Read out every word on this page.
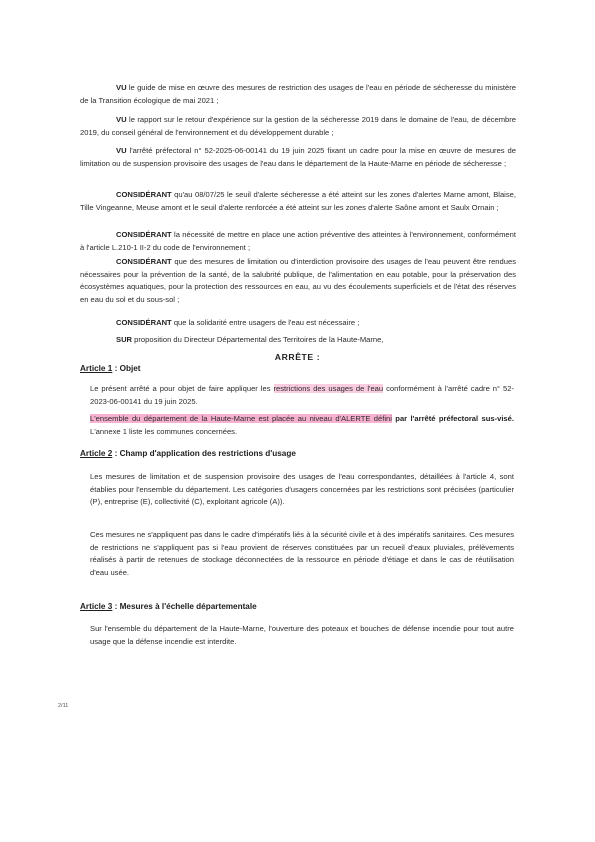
VU le guide de mise en œuvre des mesures de restriction des usages de l'eau en période de sécheresse du ministère de la Transition écologique de mai 2021 ;

VU le rapport sur le retour d'expérience sur la gestion de la sécheresse 2019 dans le domaine de l'eau, de décembre 2019, du conseil général de l'environnement et du développement durable ;

VU l'arrêté préfectoral n° 52-2025-06-00141 du 19 juin 2025 fixant un cadre pour la mise en œuvre de mesures de limitation ou de suspension provisoire des usages de l'eau dans le département de la Haute-Marne en période de sécheresse ;

CONSIDÉRANT qu'au 08/07/25 le seuil d'alerte sécheresse a été atteint sur les zones d'alertes Marne amont, Blaise, Tille Vingeanne, Meuse amont et le seuil d'alerte renforcée a été atteint sur les zones d'alerte Saône amont et Saulx Ornain ;

CONSIDÉRANT la nécessité de mettre en place une action préventive des atteintes à l'environnement, conformément à l'article L.210-1 II-2 du code de l'environnement ;

CONSIDÉRANT que des mesures de limitation ou d'interdiction provisoire des usages de l'eau peuvent être rendues nécessaires pour la prévention de la santé, de la salubrité publique, de l'alimentation en eau potable, pour la préservation des écosystèmes aquatiques, pour la protection des ressources en eau, au vu des écoulements superficiels et de l'état des réserves en eau du sol et du sous-sol ;

CONSIDÉRANT que la solidarité entre usagers de l'eau est nécessaire ;

SUR proposition du Directeur Départemental des Territoires de la Haute-Marne,

ARRÊTE :
Article 1 : Objet

Le présent arrêté a pour objet de faire appliquer les restrictions des usages de l'eau conformément à l'arrêté cadre n° 52-2023-06-00141 du 19 juin 2025.

L'ensemble du département de la Haute-Marne est placée au niveau d'ALERTE défini par l'arrêté préfectoral sus-visé. L'annexe 1 liste les communes concernées.

Article 2 : Champ d'application des restrictions d'usage

Les mesures de limitation et de suspension provisoire des usages de l'eau correspondantes, détaillées à l'article 4, sont établies pour l'ensemble du département. Les catégories d'usagers concernées par les restrictions sont précisées (particulier (P), entreprise (E), collectivité (C), exploitant agricole (A)).

Ces mesures ne s'appliquent pas dans le cadre d'impératifs liés à la sécurité civile et à des impératifs sanitaires. Ces mesures de restrictions ne s'appliquent pas si l'eau provient de réserves constituées par un recueil d'eaux pluviales, prélèvements réalisés à partir de retenues de stockage déconnectées de la ressource en période d'étiage et dans le cas de réutilisation d'eau usée.

Article 3 : Mesures à l'échelle départementale

Sur l'ensemble du département de la Haute-Marne, l'ouverture des poteaux et bouches de défense incendie pour tout autre usage que la défense incendie est interdite.

2/11
